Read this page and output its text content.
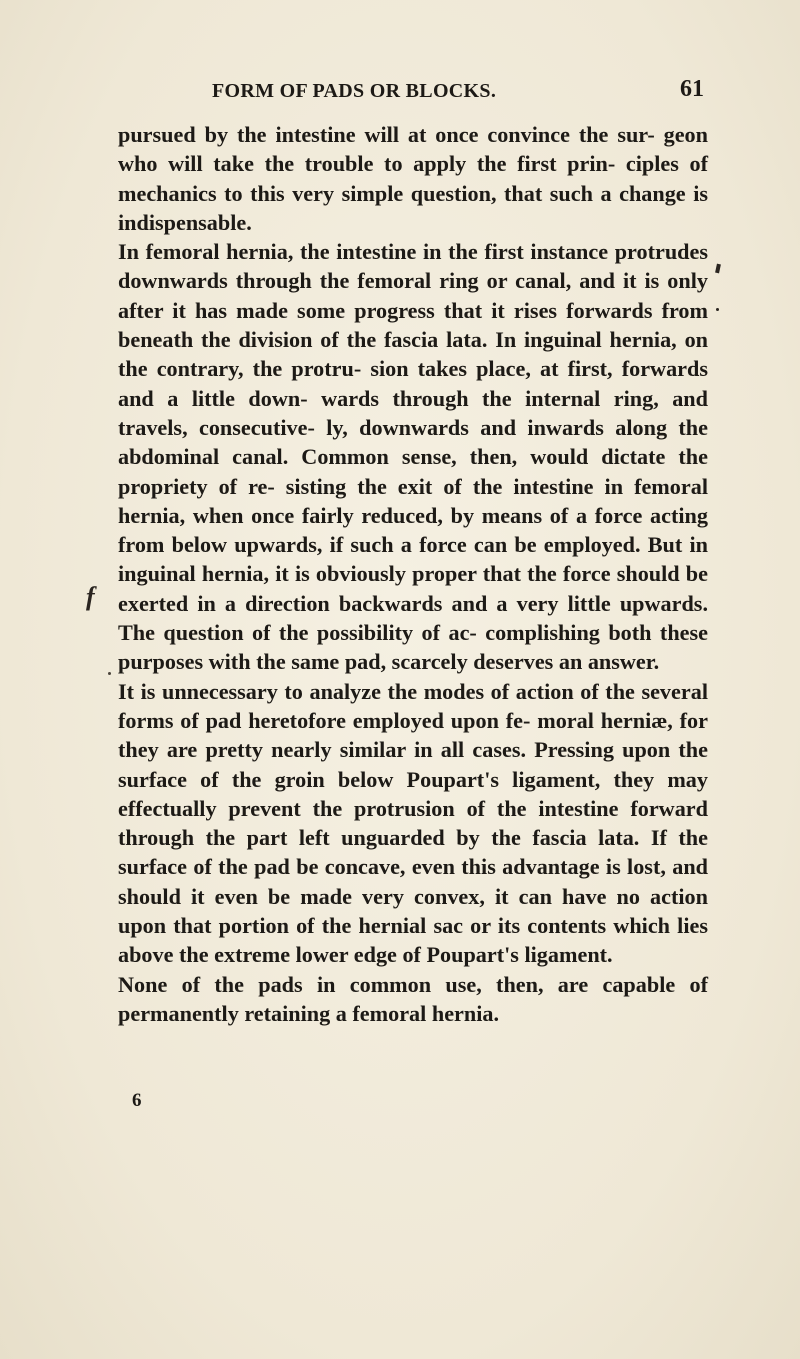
FORM OF PADS OR BLOCKS.	61

pursued by the intestine will at once convince the sur- geon who will take the trouble to apply the first prin- ciples of mechanics to this very simple question, that such a change is indispensable.

In femoral hernia, the intestine in the first instance protrudes downwards through the femoral ring or canal, and it is only after it has made some progress that it rises forwards from beneath the division of the fascia lata. In inguinal hernia, on the contrary, the protru- sion takes place, at first, forwards and a little down- wards through the internal ring, and travels, consecutive- ly, downwards and inwards along the abdominal canal. Common sense, then, would dictate the propriety of re- sisting the exit of the intestine in femoral hernia, when once fairly reduced, by means of a force acting from below upwards, if such a force can be employed. But in inguinal hernia, it is obviously proper that the force should be exerted in a direction backwards and a very little upwards. The question of the possibility of ac- complishing both these purposes with the same pad, scarcely deserves an answer.

It is unnecessary to analyze the modes of action of the several forms of pad heretofore employed upon fe- moral herniæ, for they are pretty nearly similar in all cases. Pressing upon the surface of the groin below Poupart's ligament, they may effectually prevent the protrusion of the intestine forward through the part left unguarded by the fascia lata. If the surface of the pad be concave, even this advantage is lost, and should it even be made very convex, it can have no action upon that portion of the hernial sac or its contents which lies above the extreme lower edge of Poupart's ligament.

None of the pads in common use, then, are capable of permanently retaining a femoral hernia.

6
f
